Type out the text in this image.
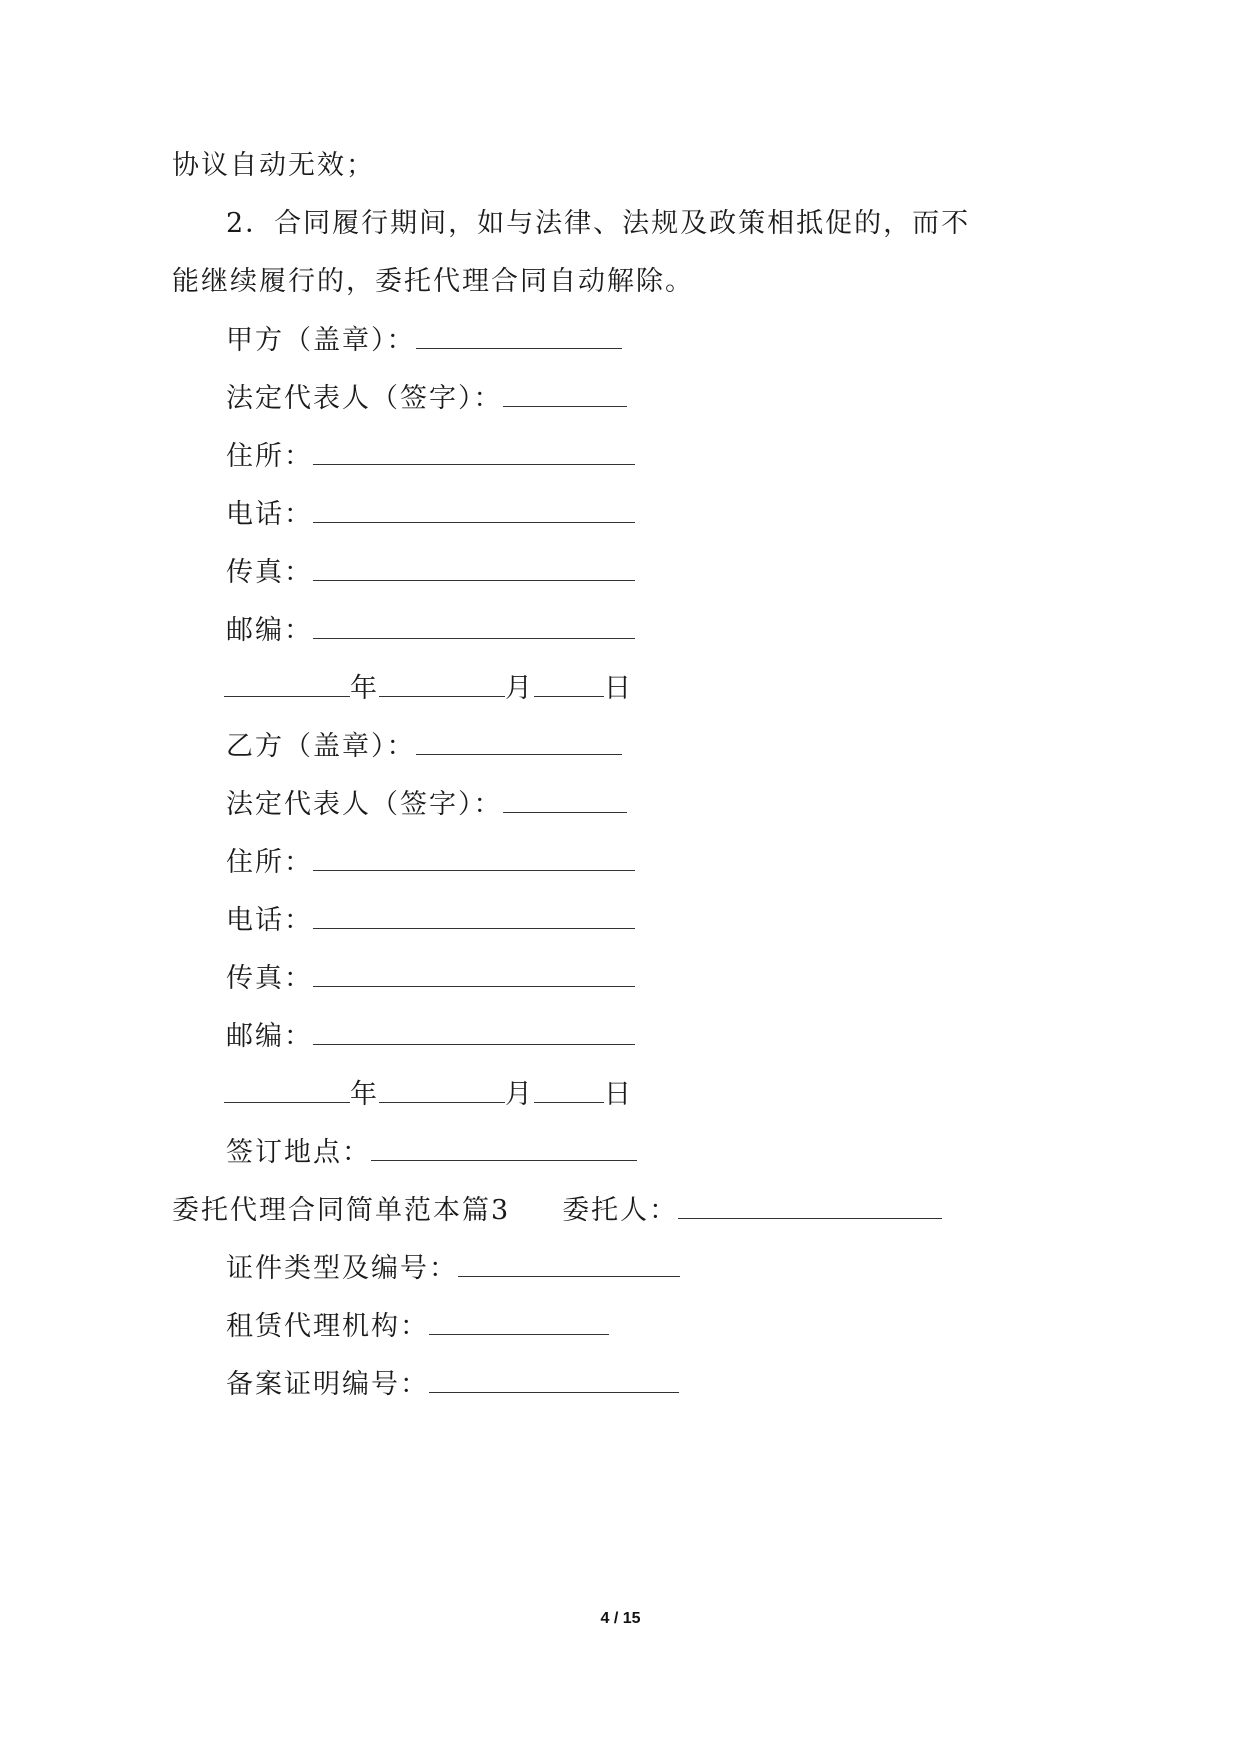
协议自动无效；
2．合同履行期间，如与法律、法规及政策相抵促的，而不
能继续履行的，委托代理合同自动解除。
甲方（盖章）：
法定代表人（签字）：
住所：
电话：
传真：
邮编：
年	月	日
乙方（盖章）：
法定代表人（签字）：
住所：
电话：
传真：
邮编：
年	月	日
签订地点：
委托代理合同简单范本篇3 委托人：
证件类型及编号：
租赁代理机构：
备案证明编号：
4 / 15
